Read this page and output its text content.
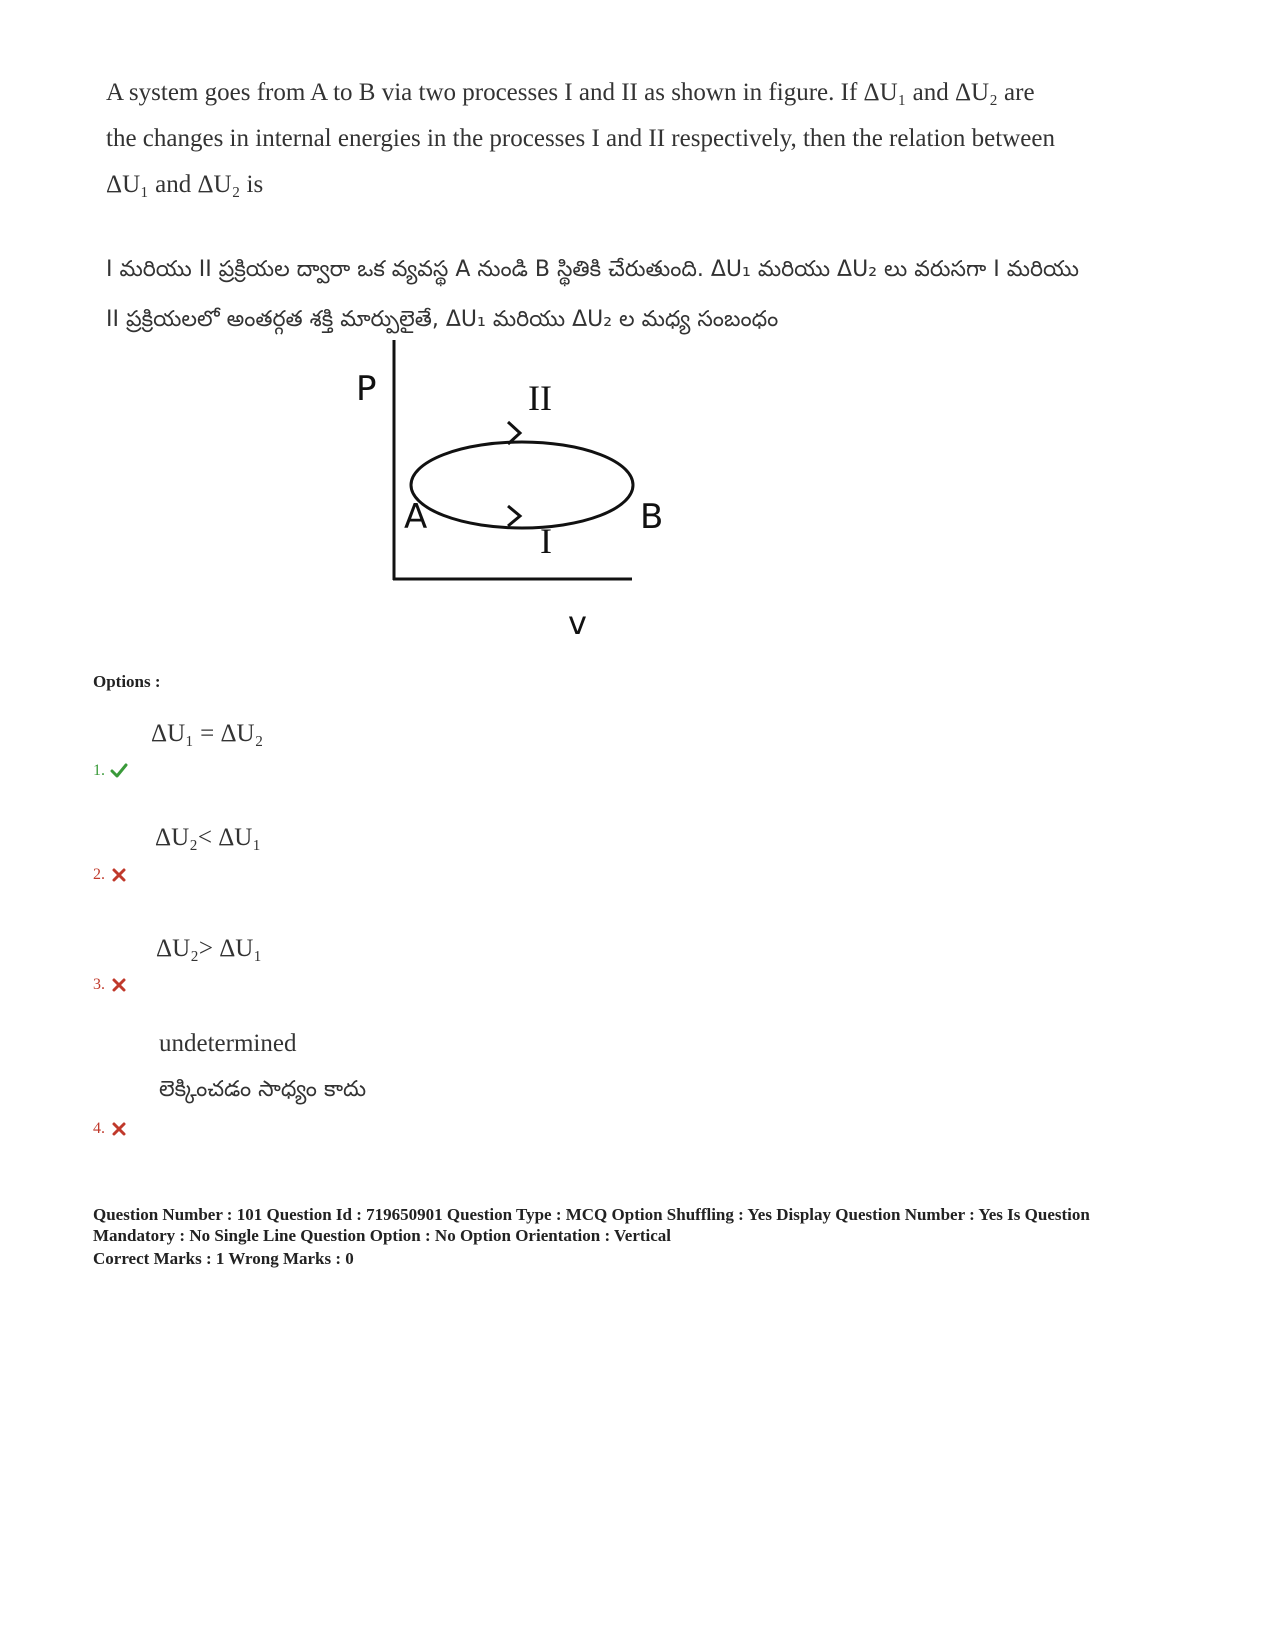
A system goes from A to B via two processes I and II as shown in figure. If ΔU₁ and ΔU₂ are the changes in internal energies in the processes I and II respectively, then the relation between ΔU₁ and ΔU₂ is
I మరియు II ప్రక్రియల ద్వారా ఒక వ్యవస్థ A నుండి B స్థితికి చేరుతుంది. ΔU₁ మరియు ΔU₂ లు వరుసగా I మరియు II ప్రక్రియలలో అంతర్గత శక్తి మార్పులైతే, ΔU₁ మరియు ΔU₂ ల మధ్య సంబంధం
P	II
A
I
B
v
Options :
ΔU₁ = ΔU₂
1.
ΔU₂< ΔU₁
2.
ΔU₂> ΔU₁
3.
undetermined
లెక్కించడం సాధ్యం కాదు
4.
Question Number : 101 Question Id : 719650901 Question Type : MCQ Option Shuffling : Yes Display Question Number : Yes Is Question Mandatory : No Single Line Question Option : No Option Orientation : Vertical
Correct Marks : 1 Wrong Marks : 0
